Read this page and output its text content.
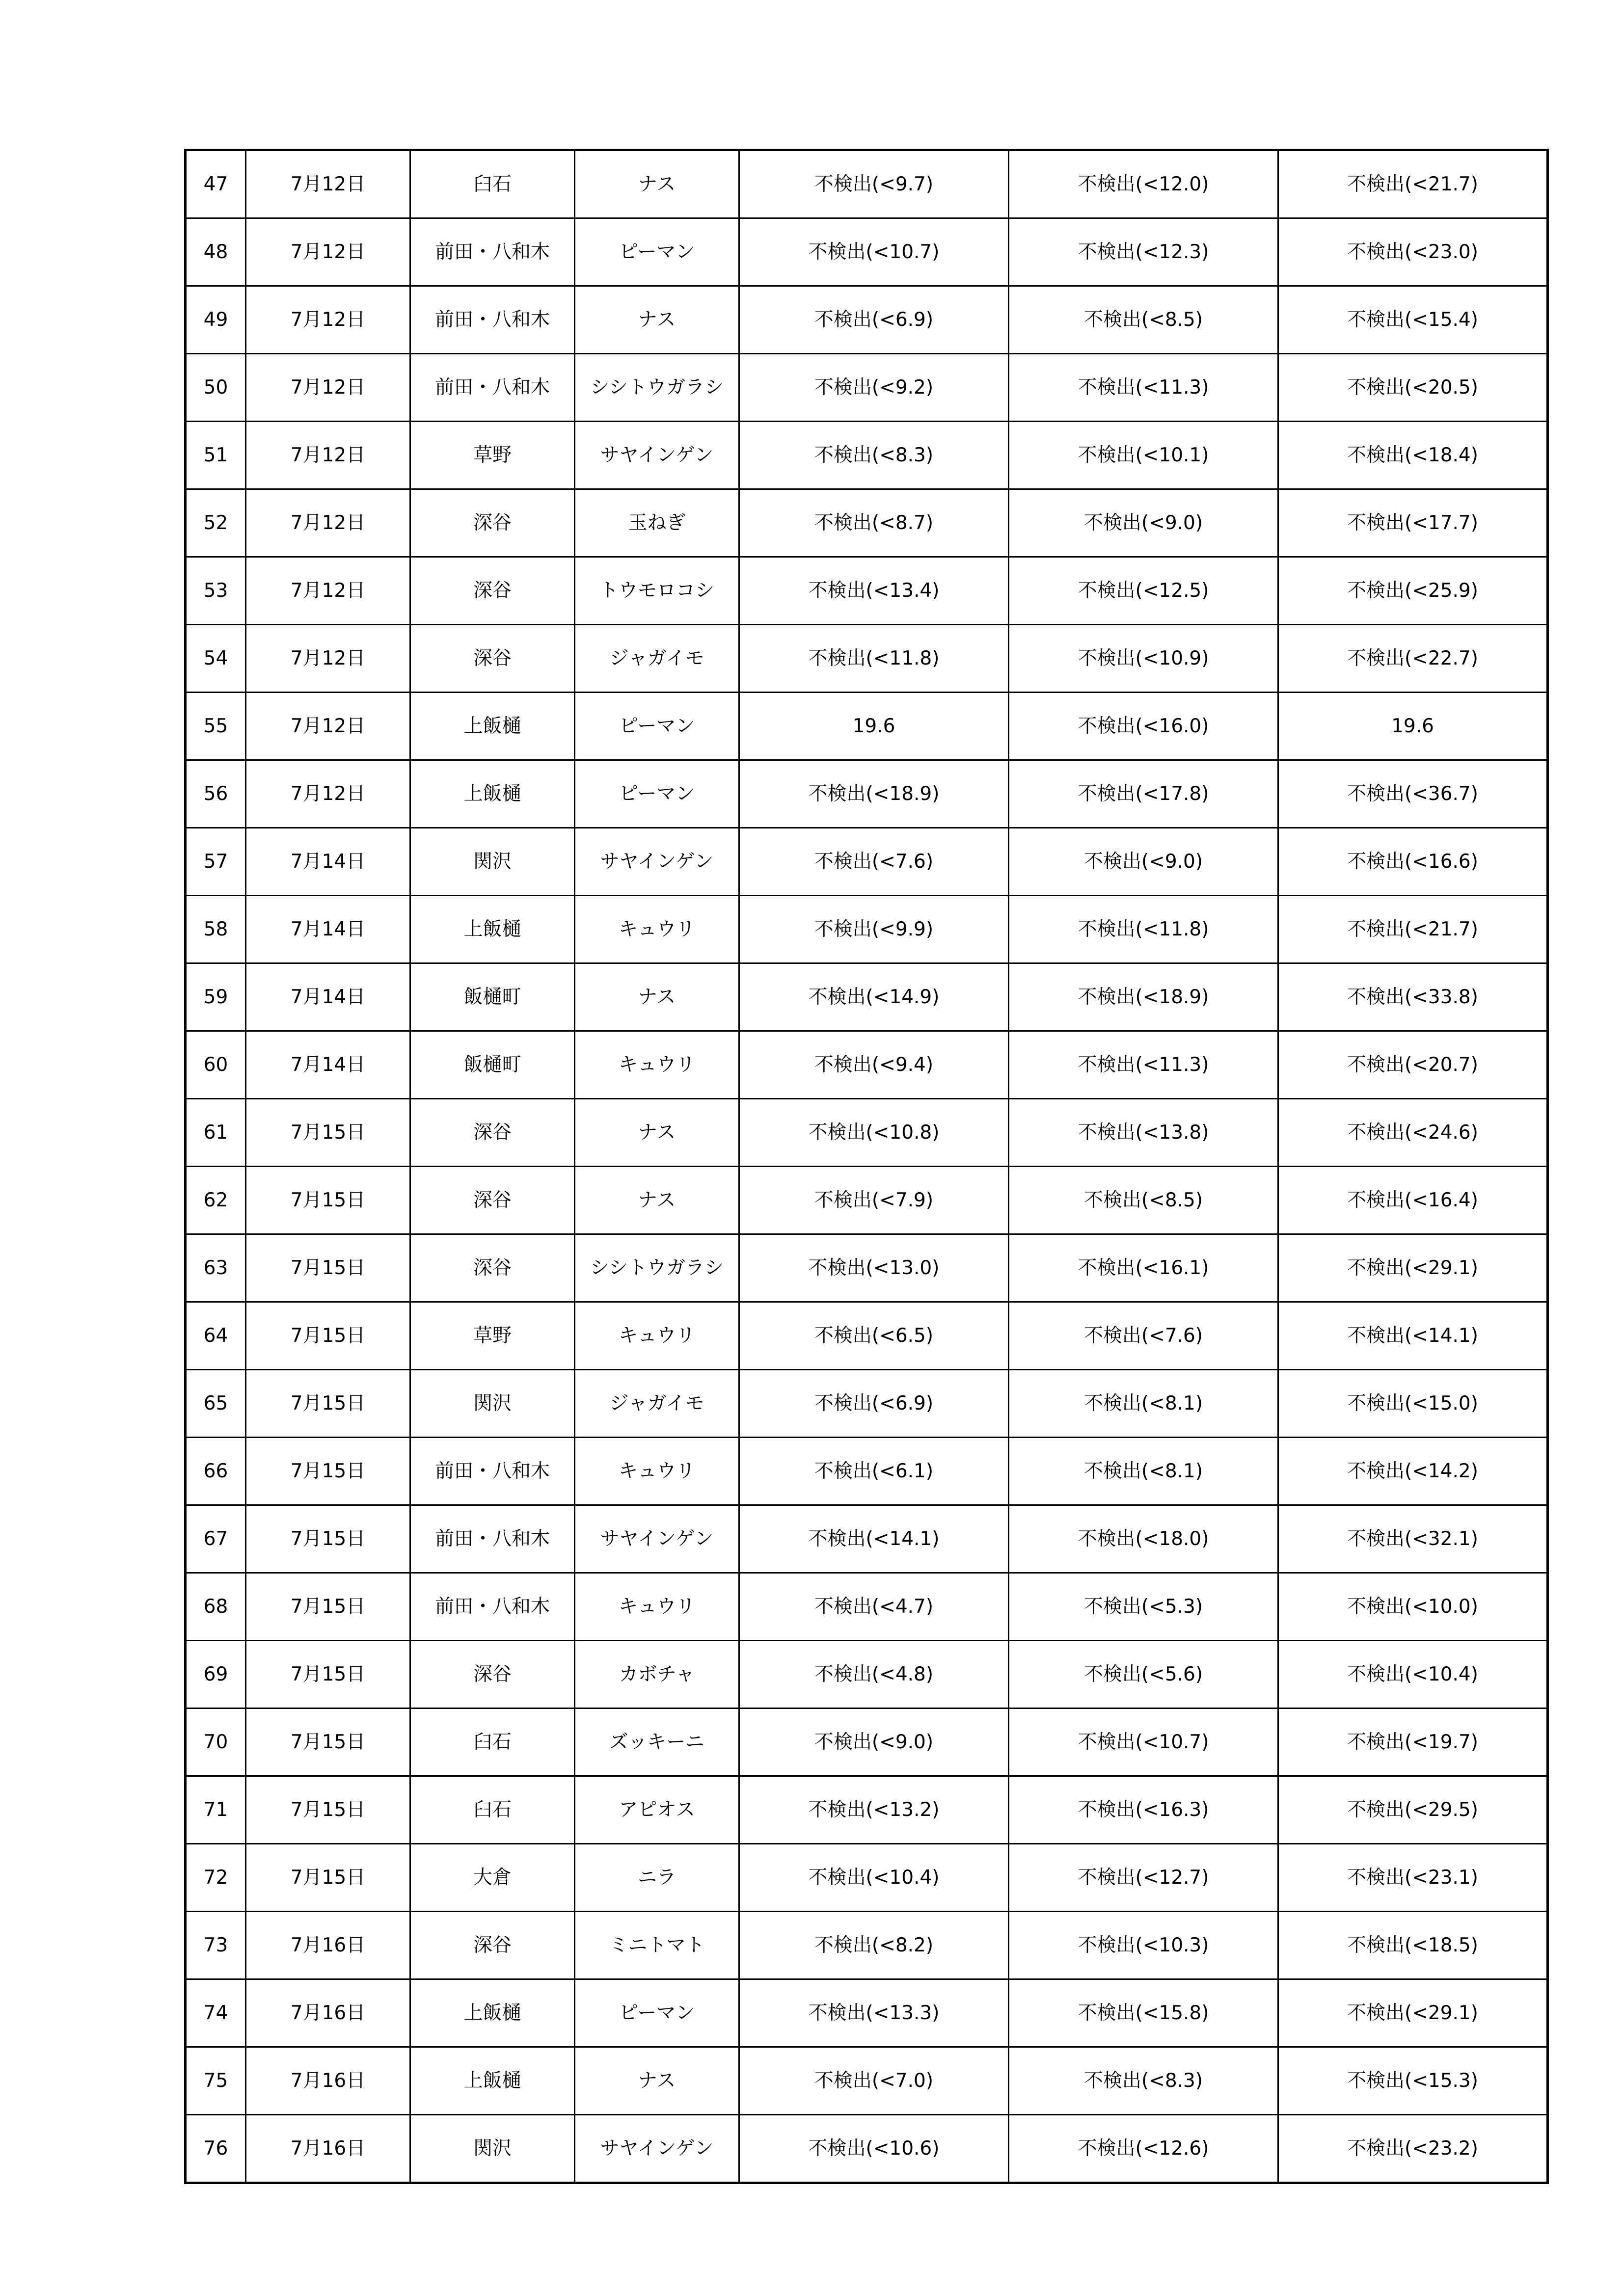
47	7月12日	臼石	ナス	不検出(<9.7)	不検出(<12.0)	不検出(<21.7)
48	7月12日	前田・八和木	ピーマン	不検出(<10.7)	不検出(<12.3)	不検出(<23.0)
49	7月12日	前田・八和木	ナス	不検出(<6.9)	不検出(<8.5)	不検出(<15.4)
50	7月12日	前田・八和木	シシトウガラシ	不検出(<9.2)	不検出(<11.3)	不検出(<20.5)
51	7月12日	草野	サヤインゲン	不検出(<8.3)	不検出(<10.1)	不検出(<18.4)
52	7月12日	深谷	玉ねぎ	不検出(<8.7)	不検出(<9.0)	不検出(<17.7)
53	7月12日	深谷	トウモロコシ	不検出(<13.4)	不検出(<12.5)	不検出(<25.9)
54	7月12日	深谷	ジャガイモ	不検出(<11.8)	不検出(<10.9)	不検出(<22.7)
55	7月12日	上飯樋	ピーマン	19.6	不検出(<16.0)	19.6
56	7月12日	上飯樋	ピーマン	不検出(<18.9)	不検出(<17.8)	不検出(<36.7)
57	7月14日	関沢	サヤインゲン	不検出(<7.6)	不検出(<9.0)	不検出(<16.6)
58	7月14日	上飯樋	キュウリ	不検出(<9.9)	不検出(<11.8)	不検出(<21.7)
59	7月14日	飯樋町	ナス	不検出(<14.9)	不検出(<18.9)	不検出(<33.8)
60	7月14日	飯樋町	キュウリ	不検出(<9.4)	不検出(<11.3)	不検出(<20.7)
61	7月15日	深谷	ナス	不検出(<10.8)	不検出(<13.8)	不検出(<24.6)
62	7月15日	深谷	ナス	不検出(<7.9)	不検出(<8.5)	不検出(<16.4)
63	7月15日	深谷	シシトウガラシ	不検出(<13.0)	不検出(<16.1)	不検出(<29.1)
64	7月15日	草野	キュウリ	不検出(<6.5)	不検出(<7.6)	不検出(<14.1)
65	7月15日	関沢	ジャガイモ	不検出(<6.9)	不検出(<8.1)	不検出(<15.0)
66	7月15日	前田・八和木	キュウリ	不検出(<6.1)	不検出(<8.1)	不検出(<14.2)
67	7月15日	前田・八和木	サヤインゲン	不検出(<14.1)	不検出(<18.0)	不検出(<32.1)
68	7月15日	前田・八和木	キュウリ	不検出(<4.7)	不検出(<5.3)	不検出(<10.0)
69	7月15日	深谷	カボチャ	不検出(<4.8)	不検出(<5.6)	不検出(<10.4)
70	7月15日	臼石	ズッキーニ	不検出(<9.0)	不検出(<10.7)	不検出(<19.7)
71	7月15日	臼石	アピオス	不検出(<13.2)	不検出(<16.3)	不検出(<29.5)
72	7月15日	大倉	ニラ	不検出(<10.4)	不検出(<12.7)	不検出(<23.1)
73	7月16日	深谷	ミニトマト	不検出(<8.2)	不検出(<10.3)	不検出(<18.5)
74	7月16日	上飯樋	ピーマン	不検出(<13.3)	不検出(<15.8)	不検出(<29.1)
75	7月16日	上飯樋	ナス	不検出(<7.0)	不検出(<8.3)	不検出(<15.3)
76	7月16日	関沢	サヤインゲン	不検出(<10.6)	不検出(<12.6)	不検出(<23.2)
